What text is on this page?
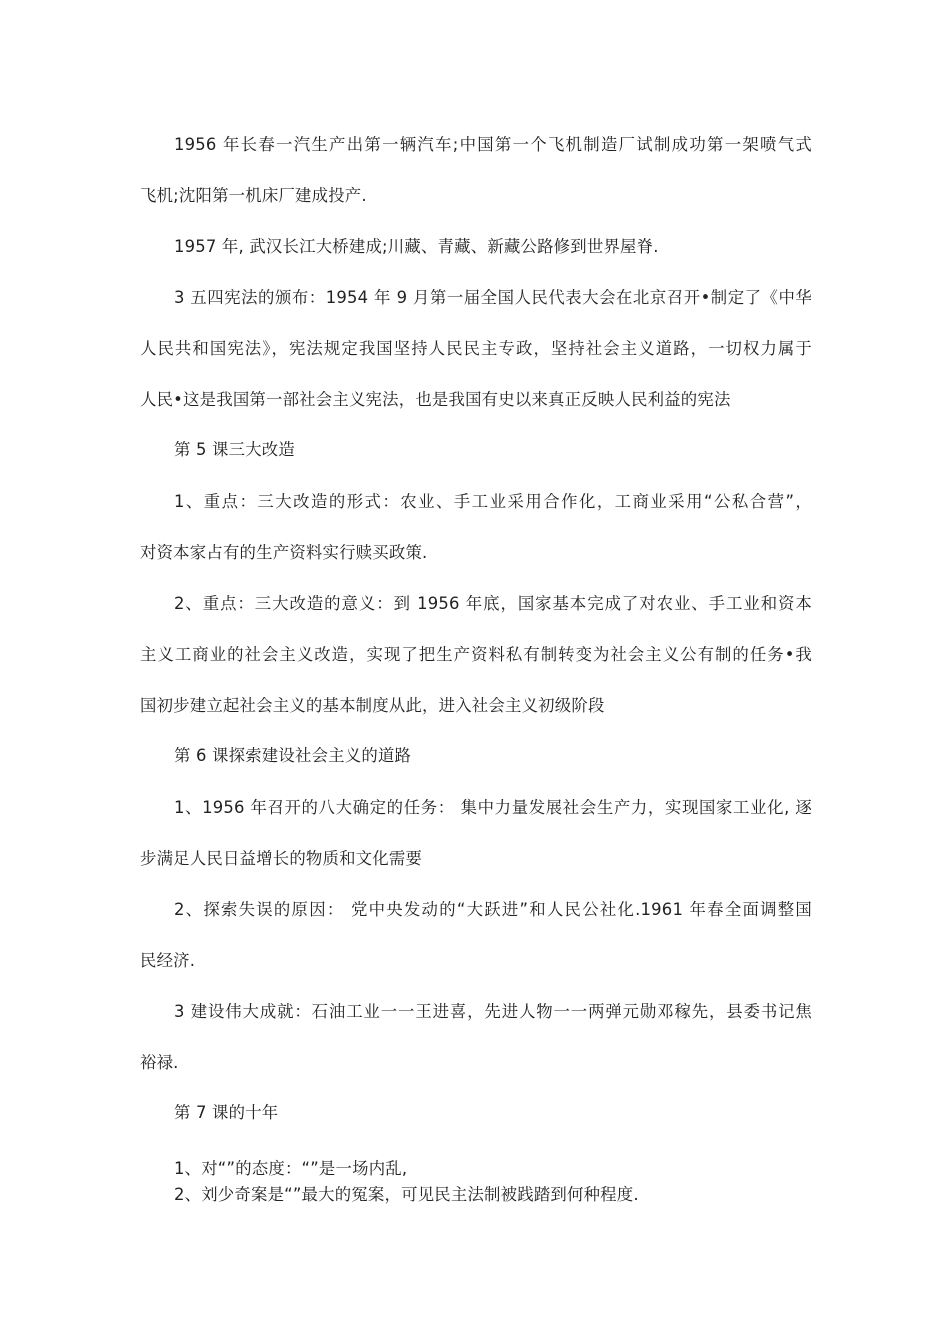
1956 年长春一汽生产出第一辆汽车;中国第一个飞机制造厂试制成功第一架喷气式
飞机;沈阳第一机床厂建成投产.
1957 年, 武汉长江大桥建成;川藏、青藏、新藏公路修到世界屋脊.
3 五四宪法的颁布：1954 年 9 月第一届全国人民代表大会在北京召开•制定了《中华
人民共和国宪法》，宪法规定我国坚持人民民主专政，坚持社会主义道路，一切权力属于
人民•这是我国第一部社会主义宪法，也是我国有史以来真正反映人民利益的宪法
第 5 课三大改造
1、重点：三大改造的形式：农业、手工业采用合作化，工商业采用“公私合营”，
对资本家占有的生产资料实行赎买政策.
2、重点：三大改造的意义：到 1956 年底，国家基本完成了对农业、手工业和资本
主义工商业的社会主义改造，实现了把生产资料私有制转变为社会主义公有制的任务•我
国初步建立起社会主义的基本制度从此，进入社会主义初级阶段
第 6 课探索建设社会主义的道路
1、1956 年召开的八大确定的任务： 集中力量发展社会生产力，实现国家工业化, 逐
步满足人民日益增长的物质和文化需要
2、探索失误的原因： 党中央发动的“大跃进”和人民公社化.1961 年春全面调整国
民经济.
3 建设伟大成就：石油工业一一王进喜，先进人物一一两弹元勋邓稼先，县委书记焦
裕禄.
第 7 课的十年
1、对“”的态度：“”是一场内乱,
2、刘少奇案是“”最大的冤案，可见民主法制被践踏到何种程度.
